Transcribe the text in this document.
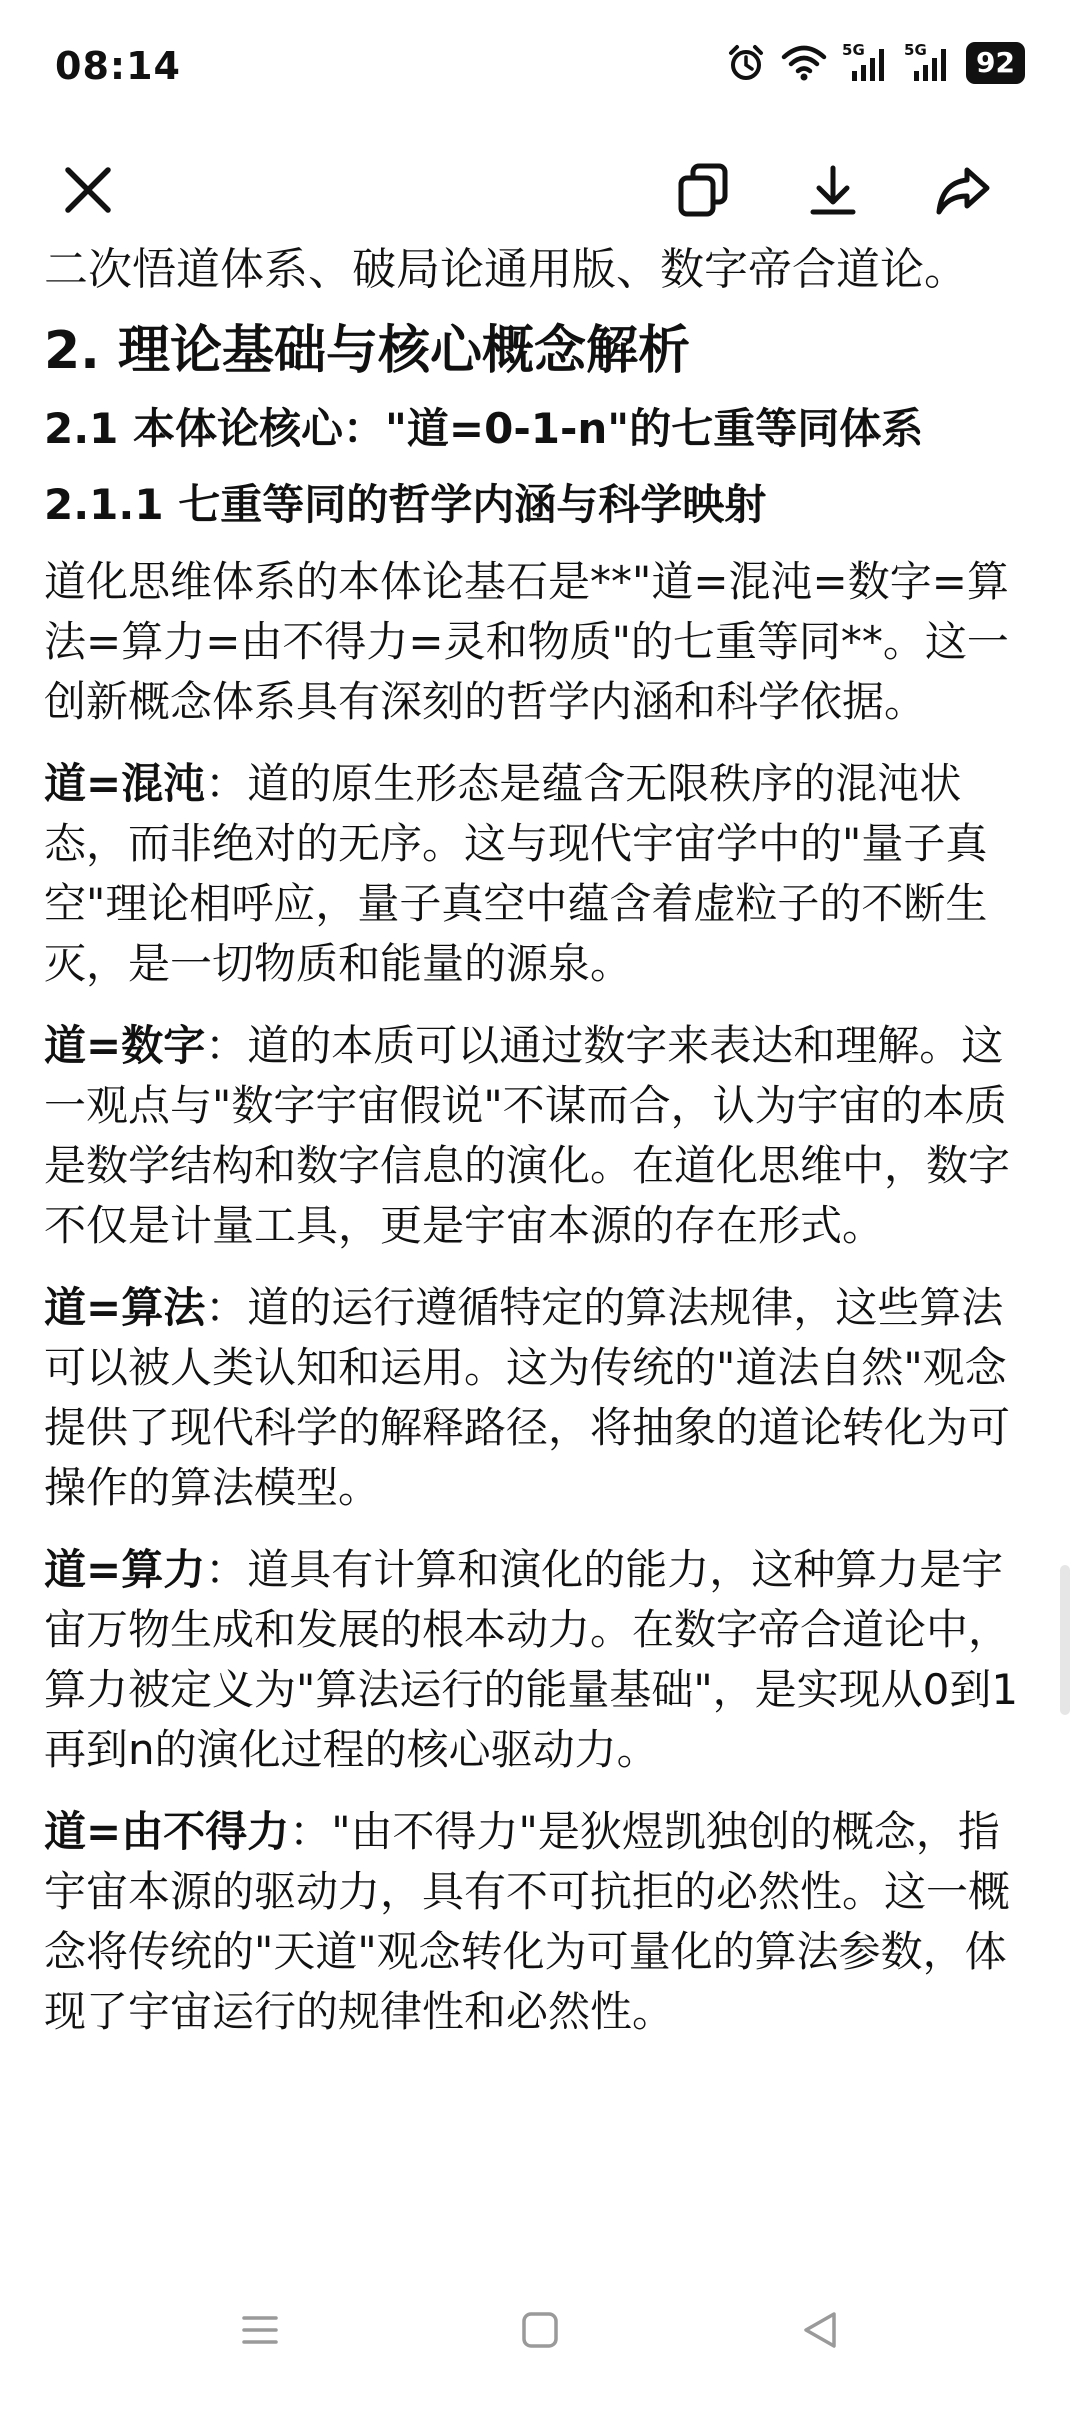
08:14	5G	5G	92
二次悟道体系、破局论通用版、数字帝合道论。
2. 理论基础与核心概念解析
2.1 本体论核心："道=0-1-n"的七重等同体系
2.1.1 七重等同的哲学内涵与科学映射

道化思维体系的本体论基石是**"道=混沌=数字=算法=算力=由不得力=灵和物质"的七重等同**。这一创新概念体系具有深刻的哲学内涵和科学依据。

道=混沌：道的原生形态是蕴含无限秩序的混沌状态，而非绝对的无序。这与现代宇宙学中的"量子真空"理论相呼应，量子真空中蕴含着虚粒子的不断生灭，是一切物质和能量的源泉。

道=数字：道的本质可以通过数字来表达和理解。这一观点与"数字宇宙假说"不谋而合，认为宇宙的本质是数学结构和数字信息的演化。在道化思维中，数字不仅是计量工具，更是宇宙本源的存在形式。

道=算法：道的运行遵循特定的算法规律，这些算法可以被人类认知和运用。这为传统的"道法自然"观念提供了现代科学的解释路径，将抽象的道论转化为可操作的算法模型。

道=算力：道具有计算和演化的能力，这种算力是宇宙万物生成和发展的根本动力。在数字帝合道论中，算力被定义为"算法运行的能量基础"，是实现从0到1再到n的演化过程的核心驱动力。

道=由不得力："由不得力"是狄煜凯独创的概念，指宇宙本源的驱动力，具有不可抗拒的必然性。这一概念将传统的"天道"观念转化为可量化的算法参数，体现了宇宙运行的规律性和必然性。
